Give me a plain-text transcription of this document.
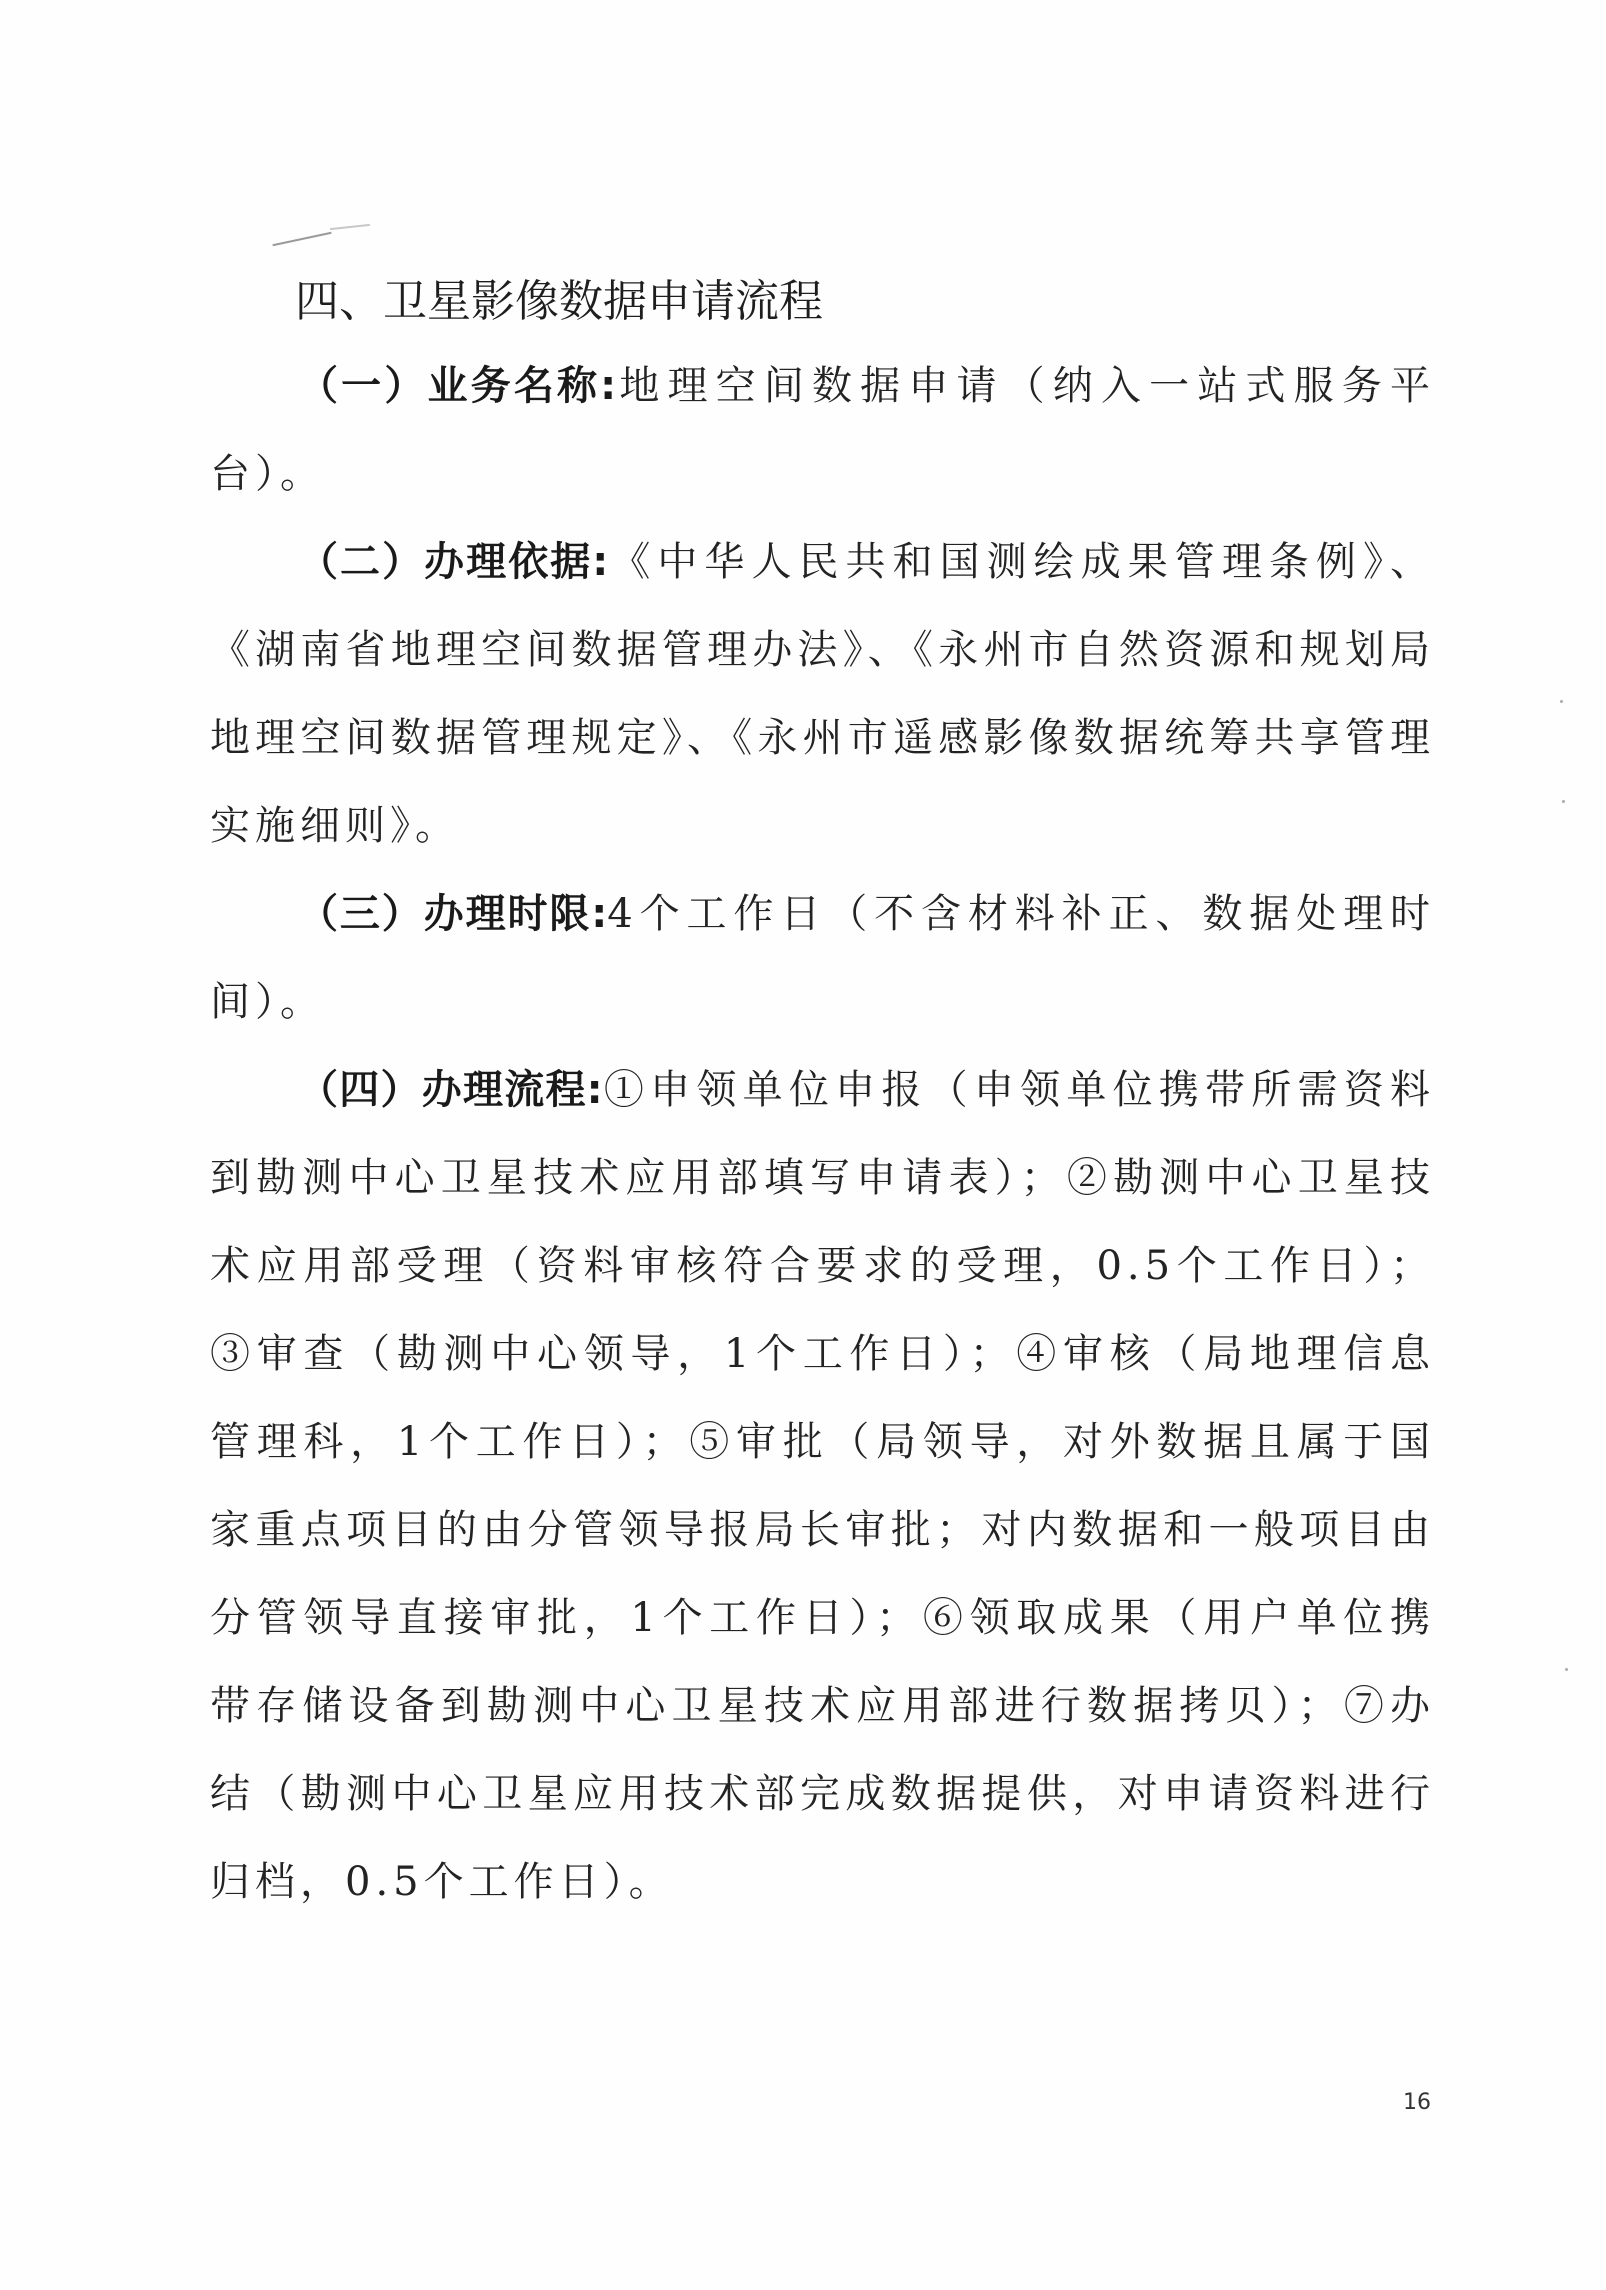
四、卫星影像数据申请流程

（一）业务名称:地理空间数据申请（纳入一站式服务平台）。

（二）办理依据:《中华人民共和国测绘成果管理条例》、《湖南省地理空间数据管理办法》、《永州市自然资源和规划局地理空间数据管理规定》、《永州市遥感影像数据统筹共享管理实施细则》。

（三）办理时限:4个工作日（不含材料补正、数据处理时间）。

（四）办理流程:①申领单位申报（申领单位携带所需资料到勘测中心卫星技术应用部填写申请表）；②勘测中心卫星技术应用部受理（资料审核符合要求的受理，0.5个工作日）；③审查（勘测中心领导，1个工作日）；④审核（局地理信息管理科，1个工作日）；⑤审批（局领导，对外数据且属于国家重点项目的由分管领导报局长审批；对内数据和一般项目由分管领导直接审批，1个工作日）；⑥领取成果（用户单位携带存储设备到勘测中心卫星技术应用部进行数据拷贝）；⑦办结（勘测中心卫星应用技术部完成数据提供，对申请资料进行归档，0.5个工作日）。

16
